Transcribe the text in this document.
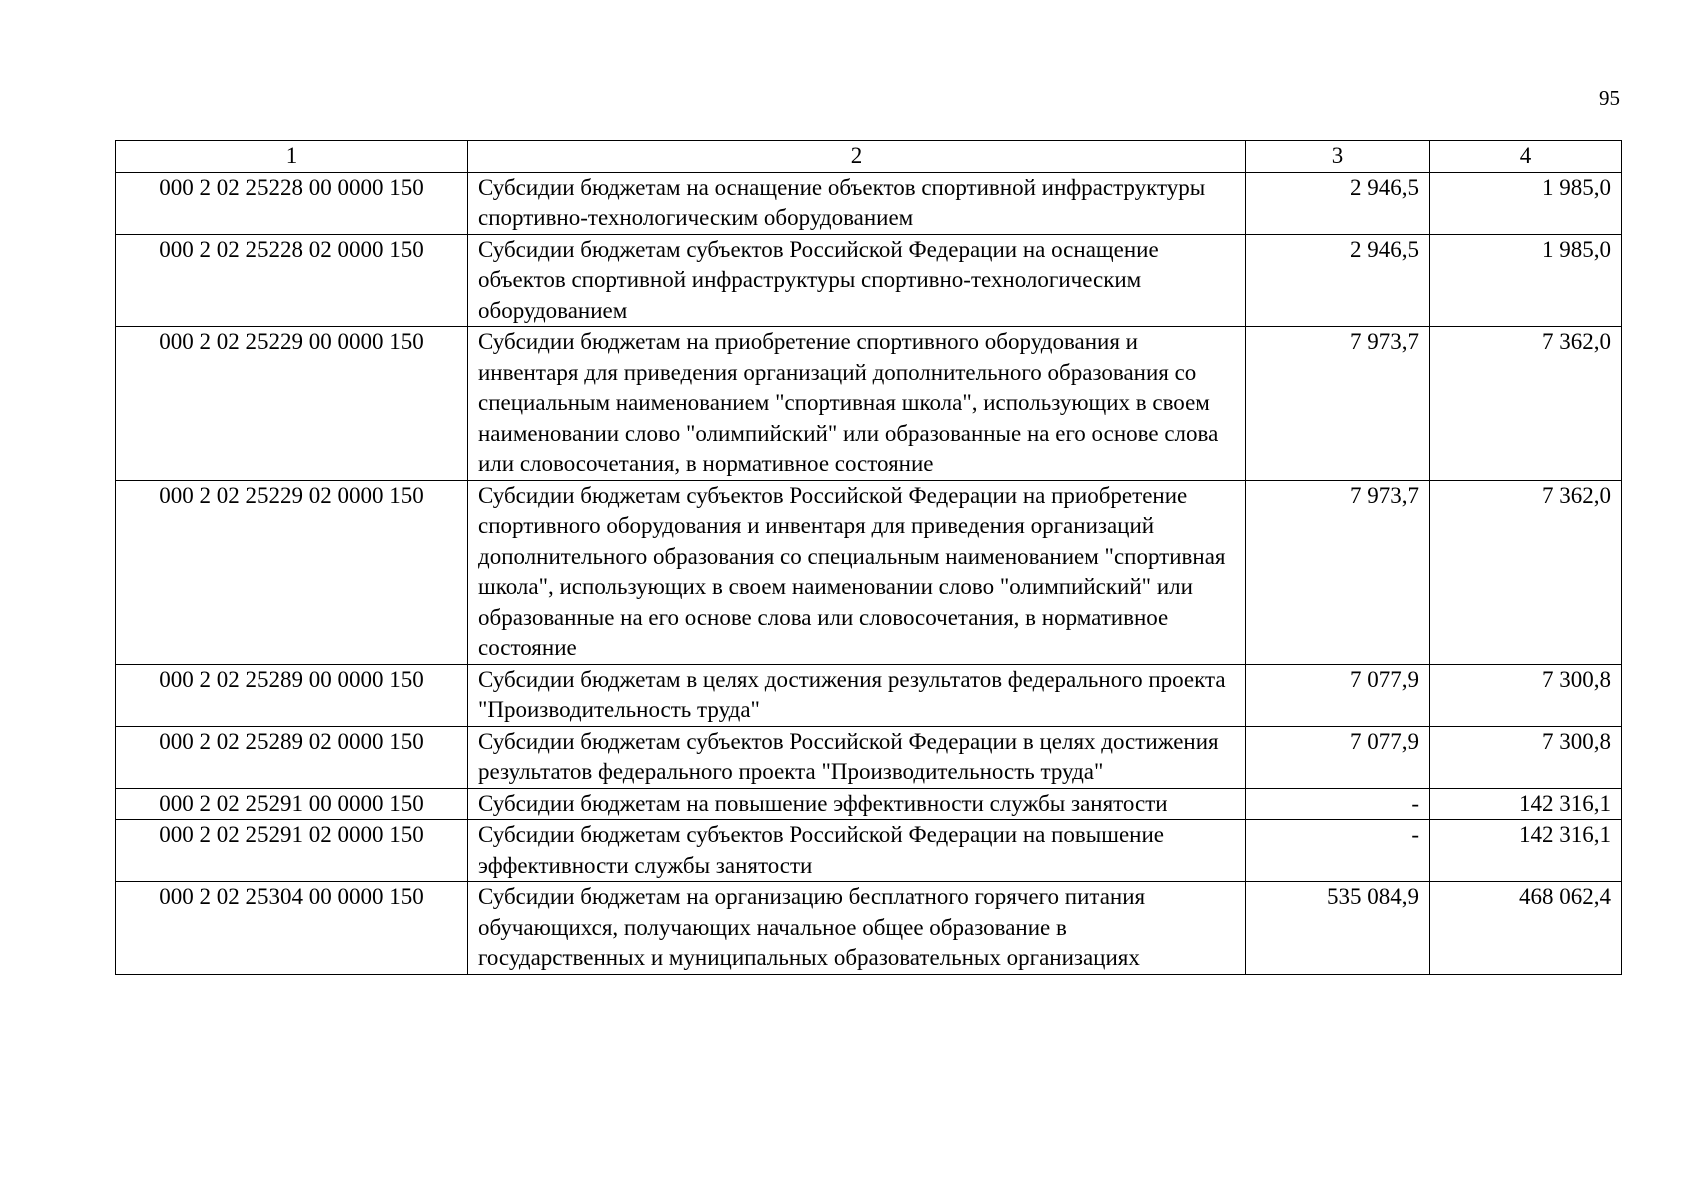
95
1	2	3	4
000 2 02 25228 00 0000 150	Субсидии бюджетам на оснащение объектов спортивной инфраструктуры спортивно-технологическим оборудованием	2 946,5	1 985,0
000 2 02 25228 02 0000 150	Субсидии бюджетам субъектов Российской Федерации на оснащение объектов спортивной инфраструктуры спортивно-технологическим оборудованием	2 946,5	1 985,0
000 2 02 25229 00 0000 150	Субсидии бюджетам на приобретение спортивного оборудования и инвентаря для приведения организаций дополнительного образования со специальным наименованием "спортивная школа", использующих в своем наименовании слово "олимпийский" или образованные на его основе слова или словосочетания, в нормативное состояние	7 973,7	7 362,0
000 2 02 25229 02 0000 150	Субсидии бюджетам субъектов Российской Федерации на приобретение спортивного оборудования и инвентаря для приведения организаций дополнительного образования со специальным наименованием "спортивная школа", использующих в своем наименовании слово "олимпийский" или образованные на его основе слова или словосочетания, в нормативное состояние	7 973,7	7 362,0
000 2 02 25289 00 0000 150	Субсидии бюджетам в целях достижения результатов федерального проекта "Производительность труда"	7 077,9	7 300,8
000 2 02 25289 02 0000 150	Субсидии бюджетам субъектов Российской Федерации в целях достижения результатов федерального проекта "Производительность труда"	7 077,9	7 300,8
000 2 02 25291 00 0000 150	Субсидии бюджетам на повышение эффективности службы занятости	-	142 316,1
000 2 02 25291 02 0000 150	Субсидии бюджетам субъектов Российской Федерации на повышение эффективности службы занятости	-	142 316,1
000 2 02 25304 00 0000 150	Субсидии бюджетам на организацию бесплатного горячего питания обучающихся, получающих начальное общее образование в государственных и муниципальных образовательных организациях	535 084,9	468 062,4
